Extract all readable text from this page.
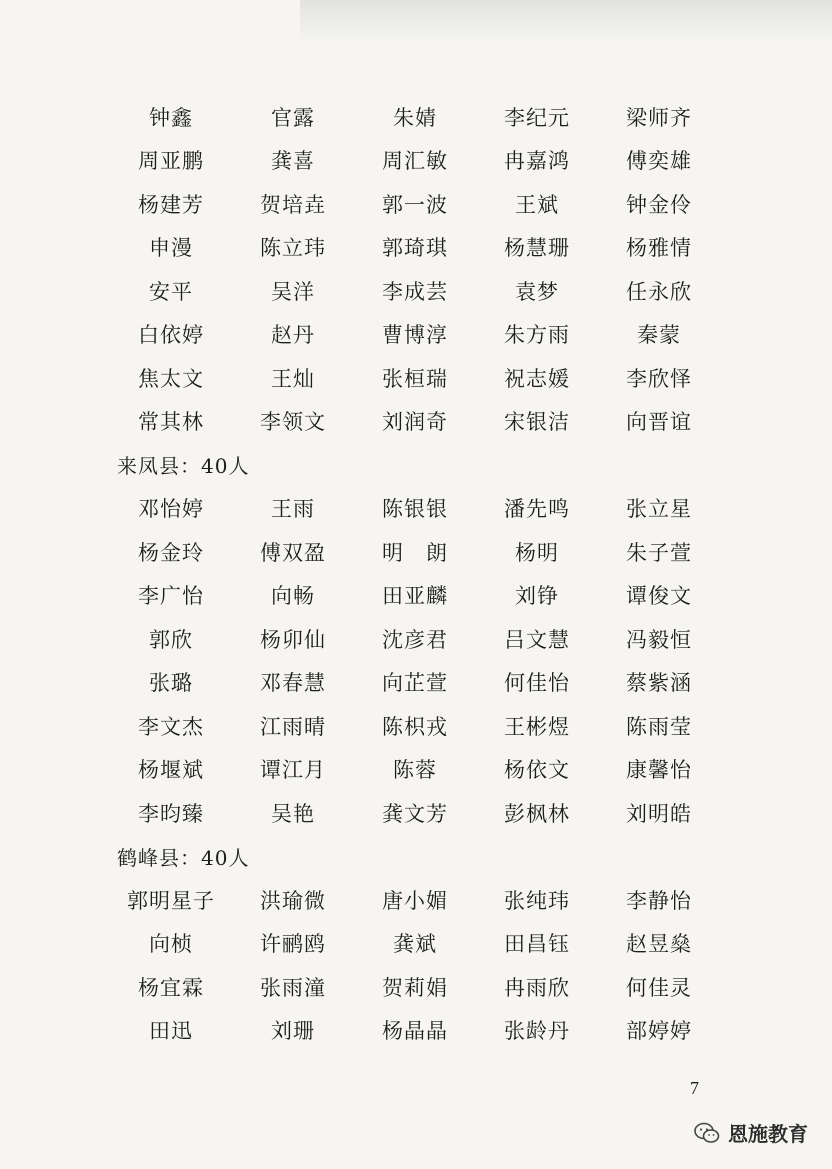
钟鑫	官露	朱婧	李纪元	梁师齐
周亚鹏	龚喜	周汇敏	冉嘉鸿	傅奕雄
杨建芳	贺培垚	郭一波	王斌	钟金伶
申漫	陈立玮	郭琦琪	杨慧珊	杨雅情
安平	吴洋	李成芸	袁梦	任永欣
白依婷	赵丹	曹博淳	朱方雨	秦蒙
焦太文	王灿	张桓瑞	祝志媛	李欣怿
常其林	李领文	刘润奇	宋银洁	向晋谊
来凤县：40人
邓怡婷	王雨	陈银银	潘先鸣	张立星
杨金玲	傅双盈	明　朗	杨明	朱子萱
李广怡	向畅	田亚麟	刘铮	谭俊文
郭欣	杨卯仙	沈彦君	吕文慧	冯毅恒
张璐	邓春慧	向芷萱	何佳怡	蔡紫涵
李文杰	江雨晴	陈枳戎	王彬煜	陈雨莹
杨堰斌	谭江月	陈蓉	杨依文	康馨怡
李昀臻	吴艳	龚文芳	彭枫林	刘明皓
鹤峰县：40人
郭明星子	洪瑜微	唐小媚	张纯玮	李静怡
向桢	许鹂鸥	龚斌	田昌钰	赵昱燊
杨宜霖	张雨潼	贺莉娟	冉雨欣	何佳灵
田迅	刘珊	杨晶晶	张龄丹	部婷婷
7
恩施教育
